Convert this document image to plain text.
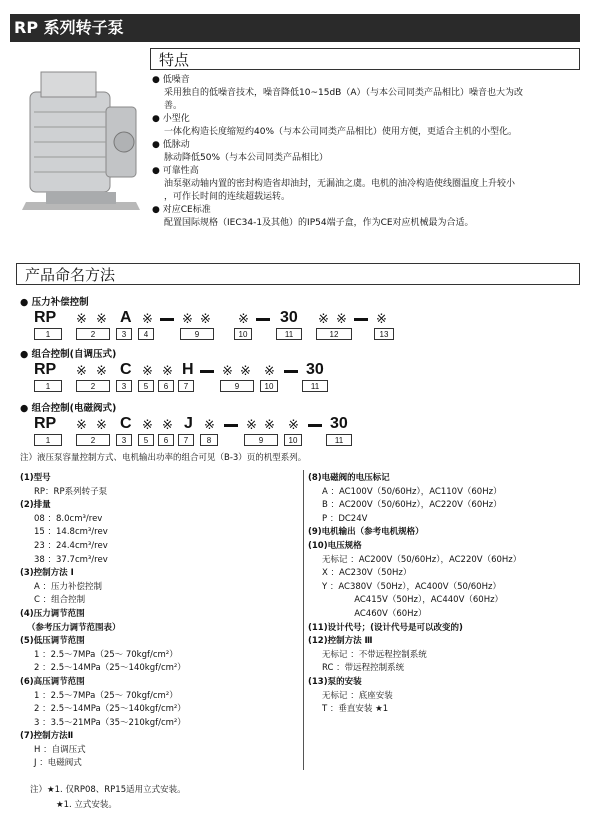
RP 系列转子泵
特点
● 低噪音
采用独自的低噪音技术，噪音降低10~15dB（A）（与本公司同类产品相比）噪音也大为改
善。
● 小型化
一体化构造长度缩短约40%（与本公司同类产品相比）使用方便，更适合主机的小型化。
● 低脉动
脉动降低50%（与本公司同类产品相比）
● 可靠性高
油泵驱动轴内置的密封构造省却油封，无漏油之虞。电机的油冷构造使线圈温度上升较小
，可作长时间的连续超载运转。
● 对应CE标准
配置国际规格（IEC34-1及其他）的IP54端子盒，作为CE对应机械最为合适。
产品命名方法
● 压力补偿控制
RP ※ ※ A ※ ※ ※ ※ 30 ※ ※ ※
1	2	3	4	9	10	11	12	13
● 组合控制(自调压式)
RP ※ ※ C ※ ※ H ※ ※ ※ 30
1	2	3	5	6	7	9	10	11
● 组合控制(电磁阀式)
RP ※ ※ C ※ ※ J ※ ※ ※ ※ 30
1	2	3	5	6	7	8	9	10	11
注）液压泵容量控制方式、电机输出功率的组合可见（B-3）页的机型系列。
(1)型号
RP：RP系列转子泵
(2)排量
08 ：8.0cm³/rev
15 ：14.8cm³/rev
23 ：24.4cm³/rev
38 ：37.7cm³/rev
(3)控制方法 Ⅰ
A ：压力补偿控制
C ：组合控制
(4)压力调节范围
（参考压力调节范围表）
(5)低压调节范围
1 ：2.5～7MPa（25～ 70kgf/cm²）
2 ：2.5～14MPa（25～140kgf/cm²）
(6)高压调节范围
1 ：2.5～7MPa（25～ 70kgf/cm²）
2 ：2.5～14MPa（25～140kgf/cm²）
3 ：3.5～21MPa（35～210kgf/cm²）
(7)控制方法Ⅱ
H ：自调压式
J ：电磁阀式
(8)电磁阀的电压标记
A ：AC100V（50/60Hz），AC110V（60Hz）
B ：AC200V（50/60Hz），AC220V（60Hz）
P ：DC24V
(9)电机输出（参考电机规格）
(10)电压规格
无标记 ：AC200V（50/60Hz），AC220V（60Hz）
X ：AC230V（50Hz）
Y ：AC380V（50Hz），AC400V（50/60Hz）
AC415V（50Hz），AC440V（60Hz）
AC460V（60Hz）
(11)设计代号；(设计代号是可以改变的)
(12)控制方法 Ⅲ
无标记 ：不带远程控制系统
RC ：带远程控制系统
(13)泵的安装
无标记 ：底座安装
T ：垂直安装 ★1
注）★1. 仅RP08、RP15适用立式安装。
★1. 立式安装。
